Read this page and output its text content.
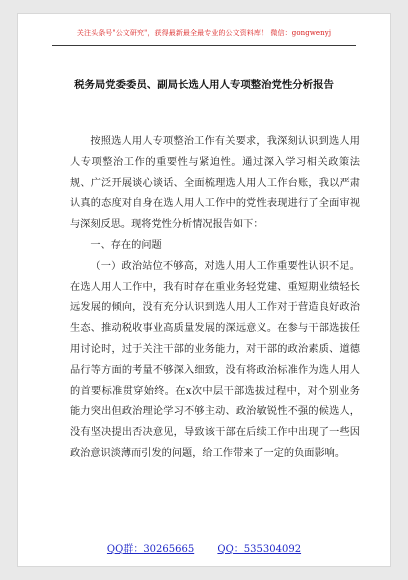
关注头条号"公文研究"，获得最新最全最专业的公文资料库！ 微信：gongwenyj
税务局党委委员、副局长选人用人专项整治党性分析报告

按照选人用人专项整治工作有关要求，我深刻认识到选人用人专项整治工作的重要性与紧迫性。通过深入学习相关政策法规、广泛开展谈心谈话、全面梳理选人用人工作台账，我以严肃认真的态度对自身在选人用人工作中的党性表现进行了全面审视与深刻反思。现将党性分析情况报告如下：

一、存在的问题

（一）政治站位不够高，对选人用人工作重要性认识不足。在选人用人工作中，我有时存在重业务轻党建、重短期业绩轻长远发展的倾向，没有充分认识到选人用人工作对于营造良好政治生态、推动税收事业高质量发展的深远意义。在参与干部选拔任用讨论时，过于关注干部的业务能力，对干部的政治素质、道德品行等方面的考量不够深入细致，没有将政治标准作为选人用人的首要标准贯穿始终。在x次中层干部选拔过程中，对个别业务能力突出但政治理论学习不够主动、政治敏锐性不强的候选人，没有坚决提出否决意见，导致该干部在后续工作中出现了一些因政治意识淡薄而引发的问题，给工作带来了一定的负面影响。

QQ群：30265665 QQ：535304092
